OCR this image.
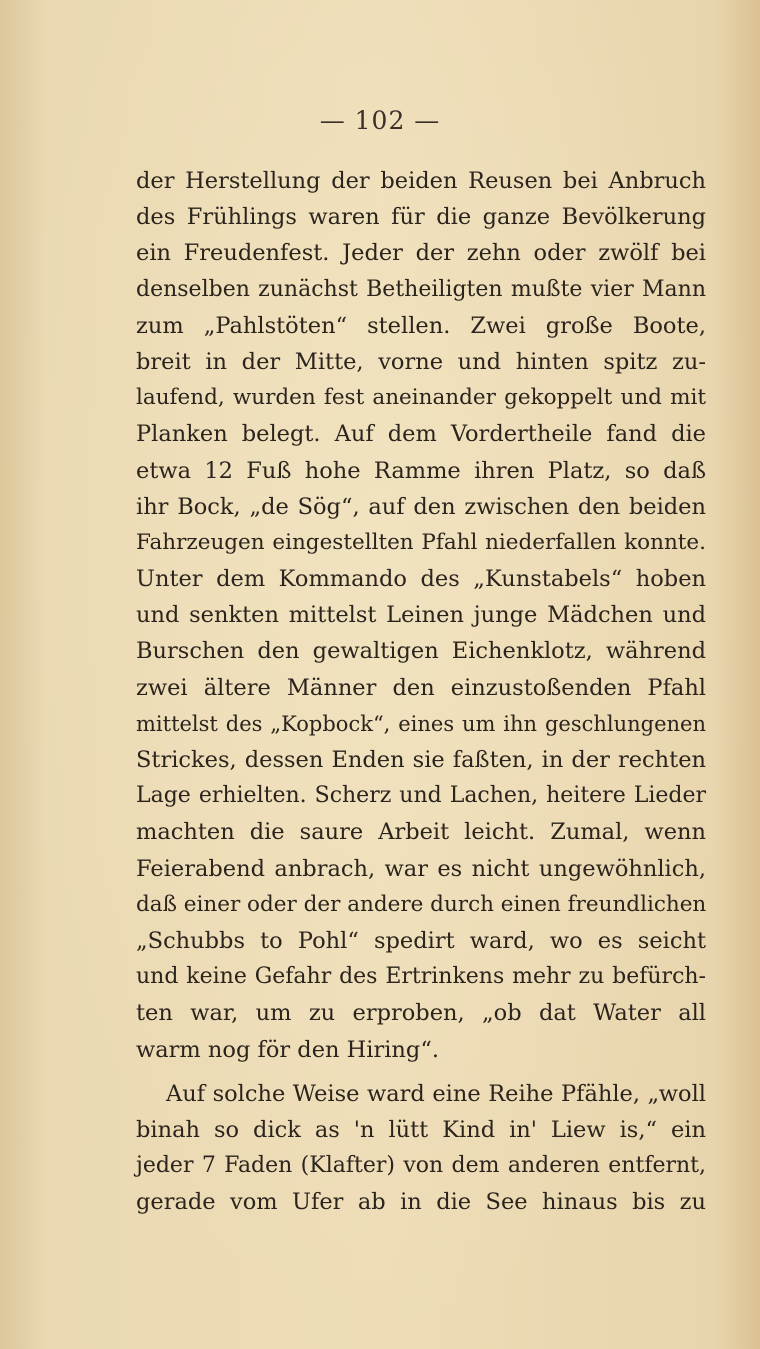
— 102 —
der Herstellung der beiden Reusen bei Anbruch
des Frühlings waren für die ganze Bevölkerung
ein Freudenfest. Jeder der zehn oder zwölf bei
denselben zunächst Betheiligten mußte vier Mann
zum „Pahlstöten“ stellen. Zwei große Boote,
breit in der Mitte, vorne und hinten spitz zu-
laufend, wurden fest aneinander gekoppelt und mit
Planken belegt. Auf dem Vordertheile fand die
etwa 12 Fuß hohe Ramme ihren Platz, so daß
ihr Bock, „de Sög“, auf den zwischen den beiden
Fahrzeugen eingestellten Pfahl niederfallen konnte.
Unter dem Kommando des „Kunstabels“ hoben
und senkten mittelst Leinen junge Mädchen und
Burschen den gewaltigen Eichenklotz, während
zwei ältere Männer den einzustoßenden Pfahl
mittelst des „Kopbock“, eines um ihn geschlungenen
Strickes, dessen Enden sie faßten, in der rechten
Lage erhielten. Scherz und Lachen, heitere Lieder
machten die saure Arbeit leicht. Zumal, wenn
Feierabend anbrach, war es nicht ungewöhnlich,
daß einer oder der andere durch einen freundlichen
„Schubbs to Pohl“ spedirt ward, wo es seicht
und keine Gefahr des Ertrinkens mehr zu befürch-
ten war, um zu erproben, „ob dat Water all
warm nog för den Hiring“.
Auf solche Weise ward eine Reihe Pfähle, „woll
binah so dick as 'n lütt Kind in' Liew is,“ ein
jeder 7 Faden (Klafter) von dem anderen entfernt,
gerade vom Ufer ab in die See hinaus bis zu
